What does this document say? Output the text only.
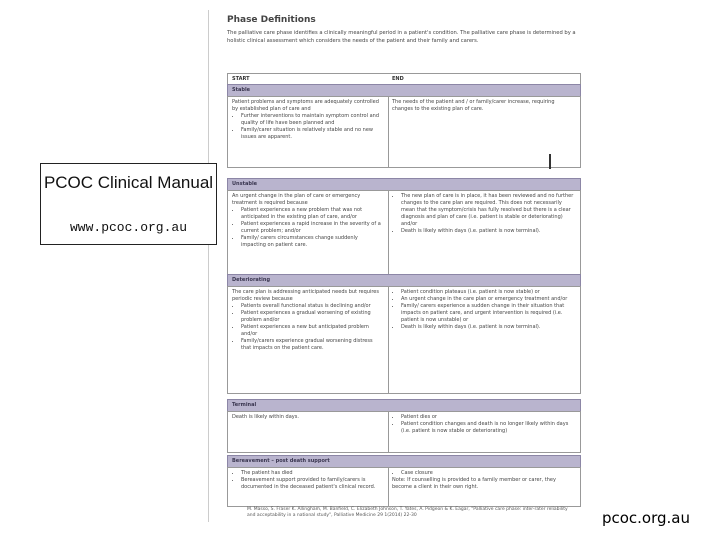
Phase Definitions
The palliative care phase identifies a clinically meaningful period in a patient's condition. The palliative care phase is determined by a holistic clinical assessment which considers the needs of the patient and their family and carers.
START	END
Stable
Patient problems and symptoms are adequately controlled by established plan of care and
• Further interventions to maintain symptom control and quality of life have been planned and
• Family/carer situation is relatively stable and no new issues are apparent.
The needs of the patient and / or family/carer increase, requiring changes to the existing plan of care.
Unstable
An urgent change in the plan of care or emergency treatment is required because
• Patient experiences a new problem that was not anticipated in the existing plan of care, and/or
• Patient experiences a rapid increase in the severity of a current problem; and/or
• Family/ carers circumstances change suddenly impacting on patient care.
• The new plan of care is in place, it has been reviewed and no further changes to the care plan are required. This does not necessarily mean that the symptom/crisis has fully resolved but there is a clear diagnosis and plan of care (i.e. patient is stable or deteriorating) and/or
• Death is likely within days (i.e. patient is now terminal).
Deteriorating
The care plan is addressing anticipated needs but requires periodic review because
• Patients overall functional status is declining and/or
• Patient experiences a gradual worsening of existing problem and/or
• Patient experiences a new but anticipated problem and/or
• Family/carers experience gradual worsening distress that impacts on the patient care.
• Patient condition plateaus (i.e. patient is now stable) or
• An urgent change in the care plan or emergency treatment and/or
• Family/ carers experience a sudden change in their situation that impacts on patient care, and urgent intervention is required (i.e. patient is now unstable) or
• Death is likely within days (i.e. patient is now terminal).
Terminal
Death is likely within days.
•	Patient dies or
• Patient condition changes and death is no longer likely within days (i.e. patient is now stable or deteriorating)
Bereavement – post death support
• The patient has died
• Bereavement support provided to family/carers is documented in the deceased patient's clinical record.
• Case closure
Note: If counselling is provided to a family member or carer, they become a client in their own right.
M. Masso, S. Fraser K. Allingham, M. Banfield, C. Elizabeth Johnson, T. Yates, A. Pidgeon & K. Eagar, "Palliative care phase: inter-rater reliability and acceptability in a national study", Palliative Medicine 29 1(2014) 22-30
PCOC Clinical Manual
www.pcoc.org.au
pcoc.org.au
